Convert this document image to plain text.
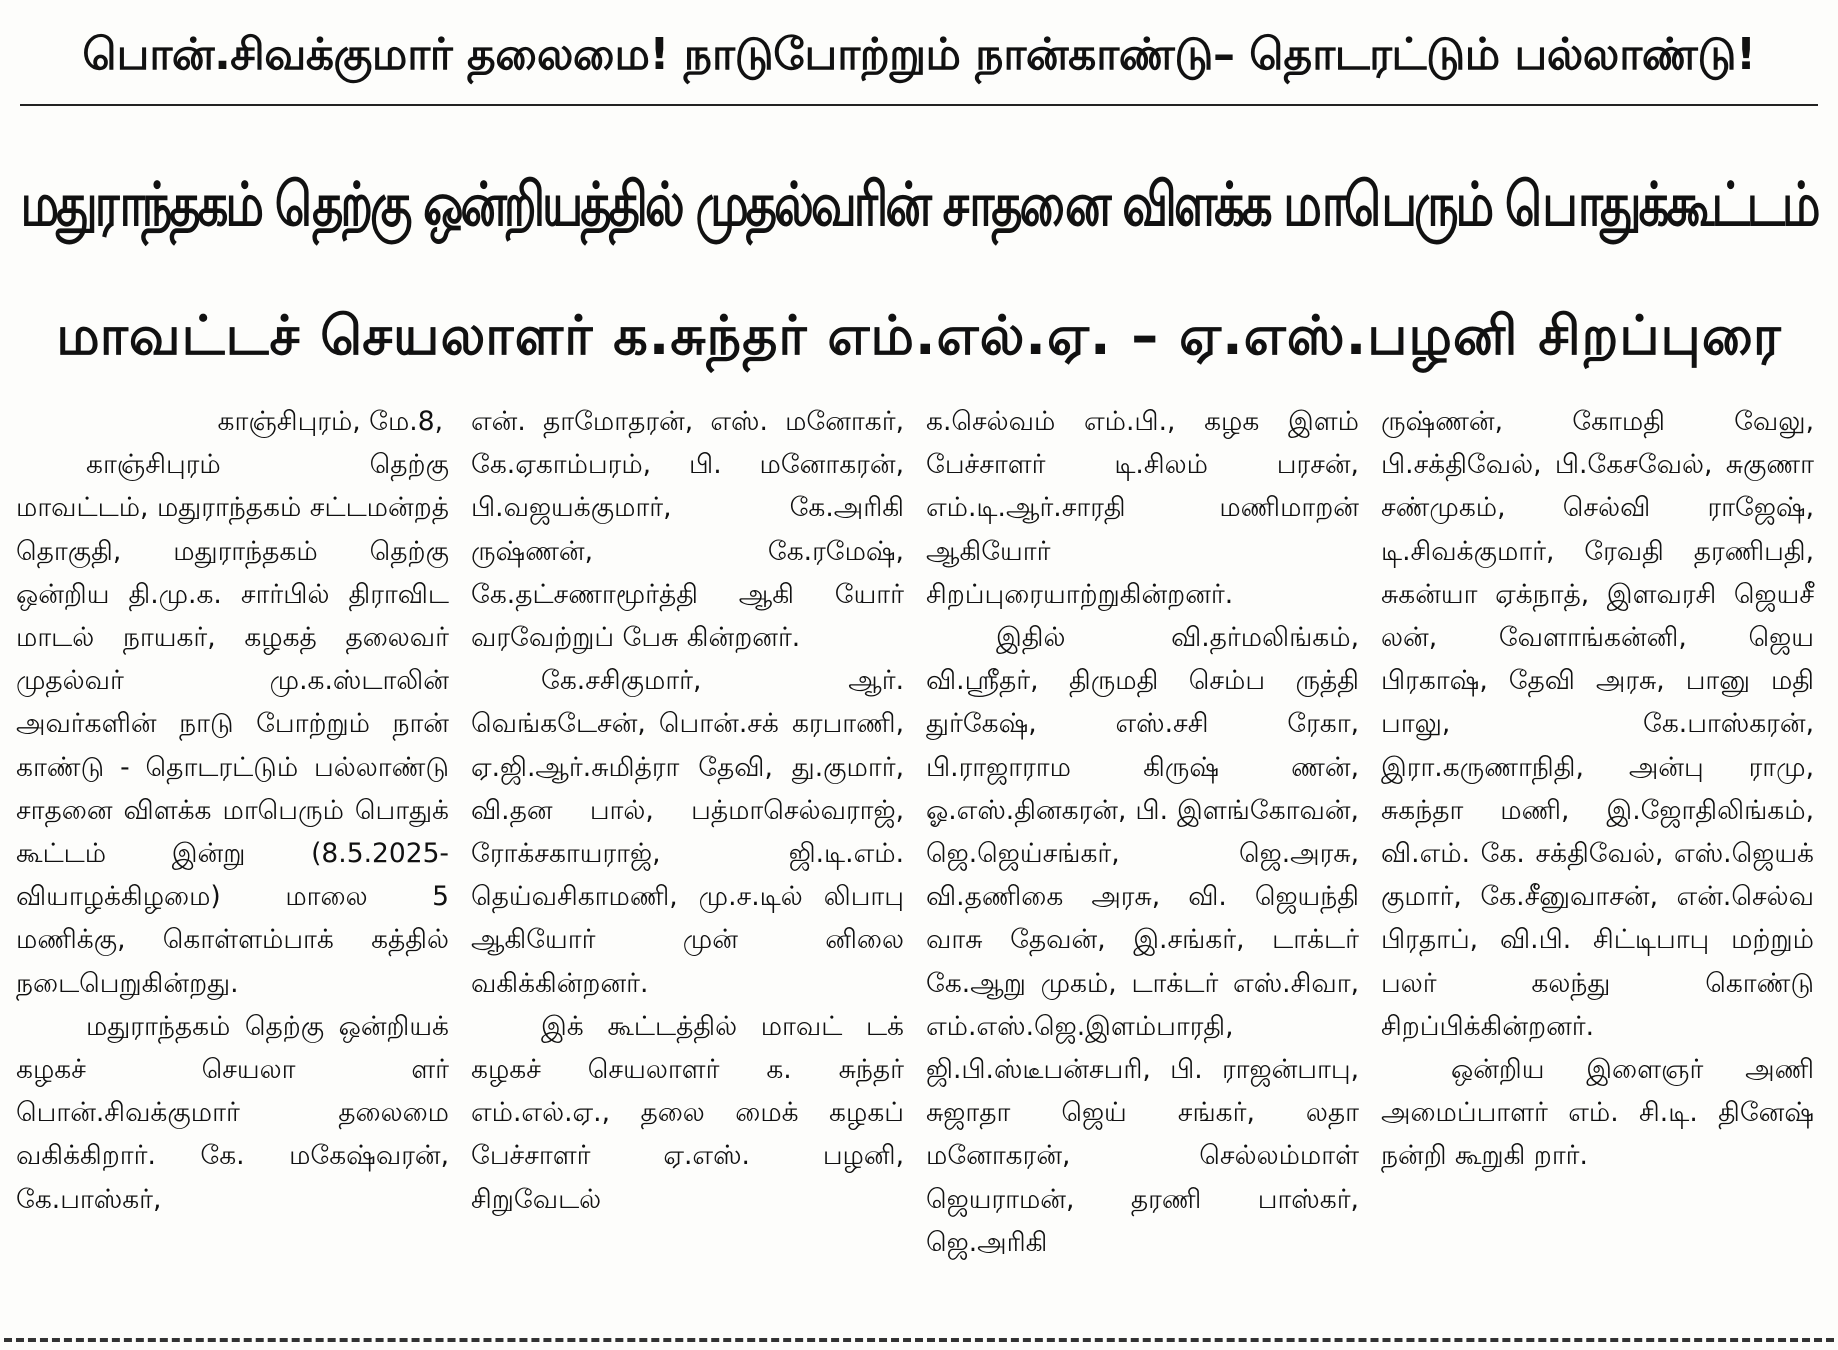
பொன்.சிவக்குமார் தலைமை! நாடுபோற்றும் நான்காண்டு– தொடரட்டும் பல்லாண்டு!
மதுராந்தகம் தெற்கு ஒன்றியத்தில் முதல்வரின் சாதனை விளக்க மாபெரும் பொதுக்கூட்டம்
மாவட்டச் செயலாளர் க.சுந்தர் எம்.எல்.ஏ. – ஏ.எஸ்.பழனி சிறப்புரை

காஞ்சிபுரம், மே.8,

காஞ்சிபுரம் தெற்கு மாவட்டம், மதுராந்தகம் சட்டமன்றத் தொகுதி, மதுராந்தகம் தெற்கு ஒன்றிய தி.மு.க. சார்பில் திராவிட மாடல் நாயகர், கழகத் தலைவர் முதல்வர் மு.க.ஸ்டாலின் அவர்களின் நாடு போற்றும் நான் காண்டு - தொடரட்டும் பல்லாண்டு சாதனை விளக்க மாபெரும் பொதுக் கூட்டம் இன்று (8.5.2025- வியாழக்கிழமை) மாலை 5 மணிக்கு, கொள்ளம்பாக் கத்தில் நடைபெறுகின்றது.

மதுராந்தகம் தெற்கு ஒன்றியக் கழகச் செயலா ளர் பொன்.சிவக்குமார் தலைமை வகிக்கிறார். கே. மகேஷ்வரன், கே.பாஸ்கர்,

என். தாமோதரன், எஸ். மனோகர், கே.ஏகாம்பரம், பி. மனோகரன், பி.வஜயக்குமார், கே.அரிகி ருஷ்ணன், கே.ரமேஷ், கே.தட்சணாமூர்த்தி ஆகி யோர் வரவேற்றுப் பேசு கின்றனர்.

கே.சசிகுமார், ஆர். வெங்கடேசன், பொன்.சக் கரபாணி, ஏ.ஜி.ஆர்.சுமித்ரா தேவி, து.குமார், வி.தன பால், பத்மாசெல்வராஜ், ரோக்சகாயராஜ், ஜி.டி.எம். தெய்வசிகாமணி, மு.ச.டில் லிபாபு ஆகியோர் முன் னிலை வகிக்கின்றனர்.

இக் கூட்டத்தில் மாவட் டக் கழகச் செயலாளர் க. சுந்தர் எம்.எல்.ஏ., தலை மைக் கழகப் பேச்சாளர் ஏ.எஸ். பழனி, சிறுவேடல்

க.செல்வம் எம்.பி., கழக இளம் பேச்சாளர் டி.சிலம் பரசன், எம்.டி.ஆர்.சாரதி மணிமாறன் ஆகியோர் சிறப்புரையாற்றுகின்றனர்.

இதில் வி.தர்மலிங்கம், வி.ஸ்ரீதர், திருமதி செம்ப ருத்தி துர்கேஷ், எஸ்.சசி ரேகா, பி.ராஜாராம கிருஷ் ணன், ஓ.எஸ்.தினகரன், பி. இளங்கோவன், ஜெ.ஜெய்சங்கர், ஜெ.அரசு, வி.தணிகை அரசு, வி. ஜெயந்தி வாசு தேவன், இ.சங்கர், டாக்டர் கே.ஆறு முகம், டாக்டர் எஸ்.சிவா, எம்.எஸ்.ஜெ.இளம்பாரதி, ஜி.பி.ஸ்டீபன்சபரி, பி. ராஜன்பாபு, சுஜாதா ஜெய் சங்கர், லதா மனோகரன், செல்லம்மாள் ஜெயராமன், தரணி பாஸ்கர், ஜெ.அரிகி

ருஷ்ணன், கோமதி வேலு, பி.சக்திவேல், பி.கேசவேல், சுகுணா சண்முகம், செல்வி ராஜேஷ், டி.சிவக்குமார், ரேவதி தரணிபதி, சுகன்யா ஏக்நாத், இளவரசி ஜெயசீ லன், வேளாங்கன்னி, ஜெய பிரகாஷ், தேவி அரசு, பானு மதி பாலு, கே.பாஸ்கரன், இரா.கருணாநிதி, அன்பு ராமு, சுகந்தா மணி, இ.ஜோதிலிங்கம், வி.எம். கே. சக்திவேல், எஸ்.ஜெயக் குமார், கே.சீனுவாசன், என்.செல்வ பிரதாப், வி.பி. சிட்டிபாபு மற்றும் பலர் கலந்து கொண்டு சிறப்பிக்கின்றனர்.

ஒன்றிய இளைஞர் அணி அமைப்பாளர் எம். சி.டி. தினேஷ் நன்றி கூறுகி றார்.
